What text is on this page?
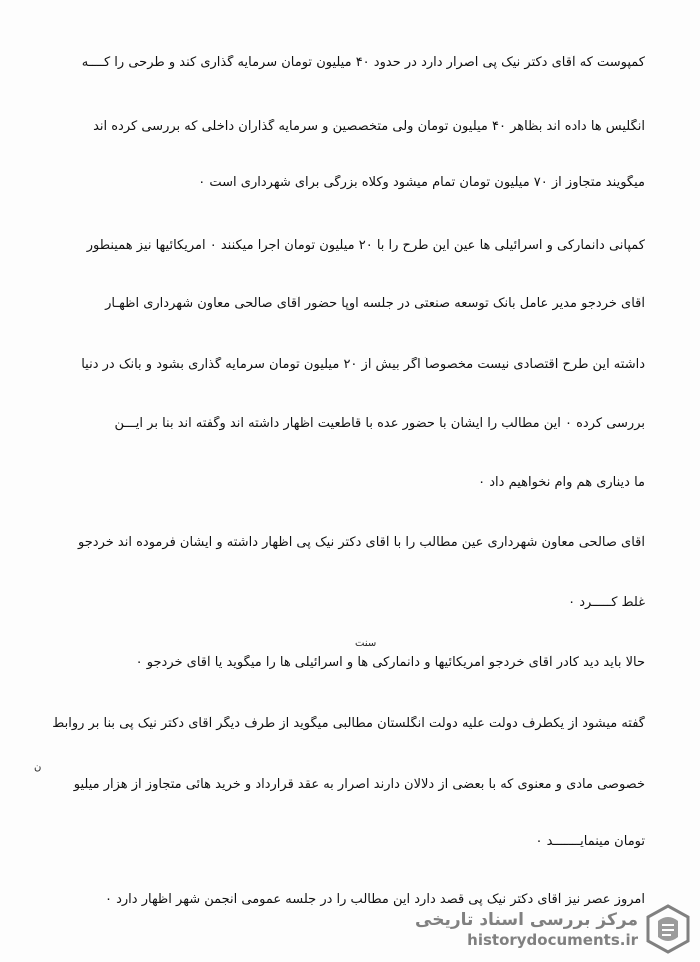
کمپوست که آقای دکتر نیک پی اصرار دارد در حدود ۴۰ میلیون تومان سرمایه گذاری کند و طرحی را کــــه
انگلیس ها داده اند بظاهر ۴۰ میلیون تومان ولی متخصصین و سرمایه گذاران داخلی که بررسی کرده اند
میگویند متجاوز از ۷۰ میلیون تومان تمام میشود وکلاه بزرگی برای شهرداری است ۰
کمپانی دانمارکی و اسرائیلی ها عین این طرح را با ۲۰ میلیون تومان اجرا میکنند ۰ امریکائیها نیز همینطور
آقای خردجو مدیر عامل بانک توسعه صنعتی در جلسه اوپا حضور آقای صالحی معاون شهرداری اظهـار
داشته این طرح اقتصادی نیست مخصوصاً اگر بیش از ۲۰ میلیون تومان سرمایه گذاری بشود و بانک در دنیا
بررسی کرده ۰ این مطالب را ایشان با حضور عده با قاطعیت اظهار داشته اند وگفته اند بنا بر ایـــن
ما دیناری هم وام نخواهیم داد ۰
آقای صالحی معاون شهرداری عین مطالب را با آقای دکتر نیک پی اظهار داشته و ایشان فرموده اند خردجو
غلط کـــــرد ۰
حالا باید دید کادر آقای خردجو آمریکائیها و دانمارکی ها و اسرائیلی ها را میگوید یا آقای خردجو ۰
گفته میشود از یکطرف دولت علیه دولت انگلستان مطالبی میگوید از طرف دیگر آقای دکتر نیک پی بنا بر روابط
خصوصی مادی و معنوی که با بعضی از دلالان دارند اصرار به عقد قرارداد و خرید هائی متجاوز از هزار میلیو
تومان مینمایـــــــد ۰
امروز عصر نیز آقای دکتر نیک پی قصد دارد این مطالب را در جلسه عمومی انجمن شهر اظهار دارد ۰
سنت
ن
مرکز بررسی اسناد تاریخی
historydocuments.ir
